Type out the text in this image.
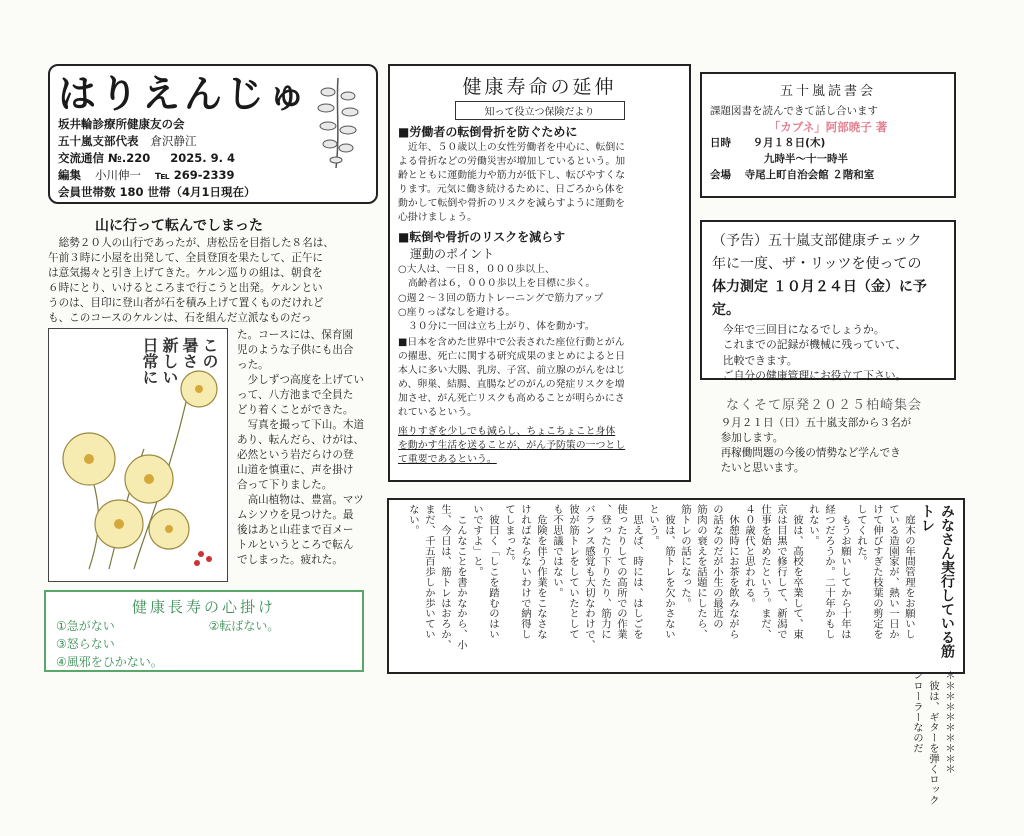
はりえんじゅ
坂井輪診療所健康友の会
五十嵐支部代表 倉沢静江
交流通信 №.220 2025. 9. 4
編集 小川伸一 ℡ 269-2339
会員世帯数 180 世帯（4月1日現在）
山に行って転んでしまった
　総勢２０人の山行であったが、唐松岳を目指した８名は、
午前３時に小屋を出発して、全員登頂を果たして、正午に
は意気揚々と引き上げてきた。ケルン巡りの組は、朝食を
６時にとり、いけるところまで行こうと出発。ケルンとい
うのは、目印に登山者が石を積み上げて置くものだけれど
も、このコースのケルンは、石を組んだ立派なものだっ
この
暑さ
新しい
日常に
た。コースには、保育園
児のような子供にも出合
った。
　少しずつ高度を上げてい
って、八方池まで全員た
どり着くことができた。
　写真を撮って下山。木道
あり、転んだら、けがは、
必然という岩だらけの登
山道を慎重に、声を掛け
合って下りました。
　高山植物は、豊富。マツ
ムシソウを見つけた。最
後はあと山荘まで百メー
トルというところで転ん
でしまった。疲れた。
健康長寿の心掛け
①急がない	②転ばない。
③怒らない
④風邪をひかない。
健康寿命の延伸
知って役立つ保険だより
■労働者の転倒骨折を防ぐために
　近年、５０歳以上の女性労働者を中心に、転倒に
よる骨折などの労働災害が増加しているという。加
齢とともに運動能力や筋力が低下し、転びやすくな
ります。元気に働き続けるために、日ごろから体を
動かして転倒や骨折のリスクを減らすように運動を
心掛けましょう。
■転倒や骨折のリスクを減らす
　運動のポイント
○大人は、一日８，０００歩以上、
　高齢者は６，０００歩以上を目標に歩く。
○週２～３回の筋力トレーニングで筋力アップ
○座りっぱなしを避ける。
　３０分に一回は立ち上がり、体を動かす。
■日本を含めた世界中で公表された座位行動とがん
の擢患、死亡に関する研究成果のまとめによると日
本人に多い大腸、乳房、子宮、前立腺のがんをはじ
め、卵巣、結腸、直腸などのがんの発症リスクを増
加させ、がん死亡リスクも高めることが明らかにさ
れているという。
座りすぎを少しでも減らし、ちょこちょこと身体
を動かす生活を送ることが、がん予防策の一つとし
て重要であるという。
五十嵐読書会
課題図書を読んできて話し合います
「カブネ」阿部暁子 著
日時 ９月１８日(木)
九時半～十一時半
会場 寺尾上町自治会館 ２階和室
（予告）五十嵐支部健康チェック
年に一度、ザ・リッツを使っての
体力測定 １０月２４日（金）に予定。
　今年で三回目になるでしょうか。
　これまでの記録が機械に残っていて、
　比較できます。
　ご自分の健康管理にお役立て下さい。
なくそて原発２０２５柏崎集会
　９月２１日（日）五十嵐支部から３名が
　参加します。
　再稼働問題の今後の情勢など学んでき
　たいと思います。
みなさん実行している筋トレ
　庭木の年間管理をお願いし
ている造園家が、熱い一日か
けて伸びすぎた枝葉の剪定を
してくれた。
　もうお願いしてから十年は
経つだろうか。二十年かもし
れない。
　彼は、高校を卒業して、東
京は目黒で修行して、新潟で
仕事を始めたという。まだ、
４０歳代と思われる。
　休憩時にお茶を飲みながら
の話なのだが小生の最近の
筋肉の衰えを話題にしたら、
筋トレの話になった。
　彼は、筋トレを欠かさない
という。
　思えば、時には、はしごを
使ったりしての高所での作業
、登ったり下りたり、筋力に
バランス感覚も大切なわけで、
彼が筋トレをしていたとして
も不思議ではない。
　危険を伴う作業をこなさな
ければならないわけで納得し
てしまった。
　彼曰く「しこを踏むのはい
いですよ」と。
　こんなことを書かなから、小
生、今日は、筋トレはおろか、
まだ、千五百歩しか歩いてい
ない。
＊＊＊＊＊＊＊＊＊＊
　彼は、ギターを弾くロック
ンローラーなのだ
